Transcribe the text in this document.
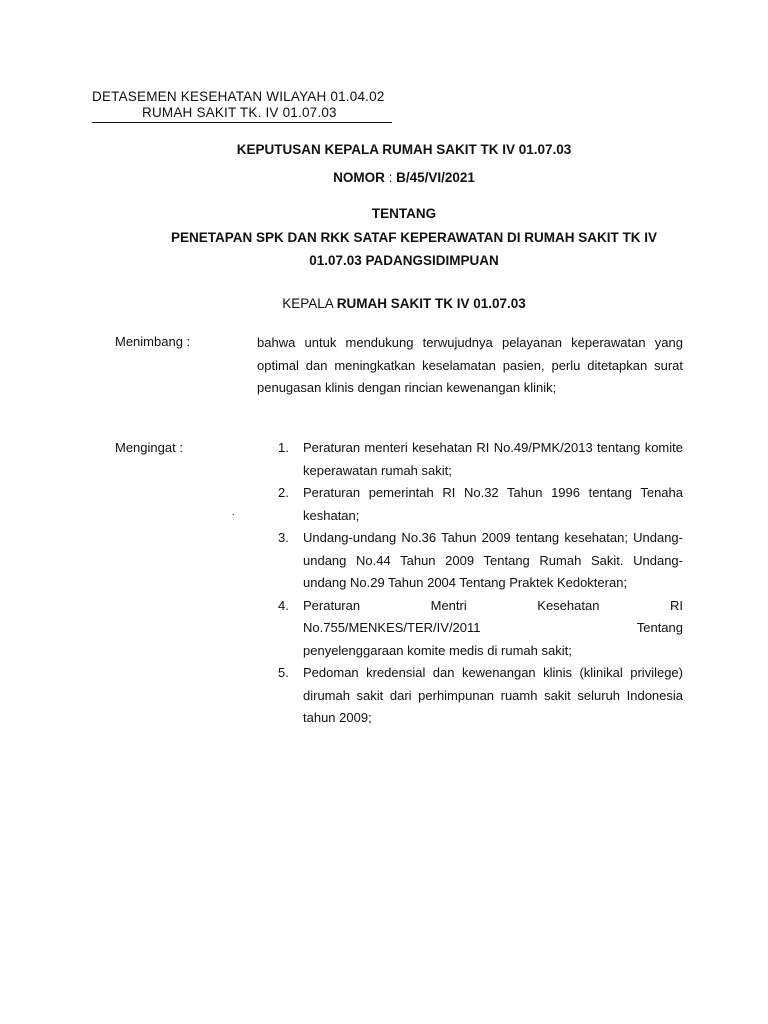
DETASEMEN KESEHATAN WILAYAH 01.04.02
RUMAH SAKIT TK. IV 01.07.03
KEPUTUSAN KEPALA RUMAH SAKIT TK IV 01.07.03
NOMOR : B/45/VI/2021
TENTANG
PENETAPAN SPK DAN RKK SATAF KEPERAWATAN DI RUMAH SAKIT TK IV
01.07.03 PADANGSIDIMPUAN
KEPALA RUMAH SAKIT TK IV 01.07.03
Menimbang :	bahwa untuk mendukung terwujudnya pelayanan keperawatan yang optimal dan meningkatkan keselamatan pasien, perlu ditetapkan surat penugasan klinis dengan rincian kewenangan klinik;
Mengingat :
.
1. Peraturan menteri kesehatan RI No.49/PMK/2013 tentang komite keperawatan rumah sakit;
2. Peraturan pemerintah RI No.32 Tahun 1996 tentang Tenaha keshatan;
3. Undang-undang No.36 Tahun 2009 tentang kesehatan; Undang-undang No.44 Tahun 2009 Tentang Rumah Sakit. Undang-undang No.29 Tahun 2004 Tentang Praktek Kedokteran;
4. Peraturan	Mentri	Kesehatan	RI
No.755/MENKES/TER/IV/2011	Tentang
penyelenggaraan komite medis di rumah sakit;
5. Pedoman kredensial dan kewenangan klinis (klinikal privilege) dirumah sakit dari perhimpunan ruamh sakit seluruh Indonesia tahun 2009;
